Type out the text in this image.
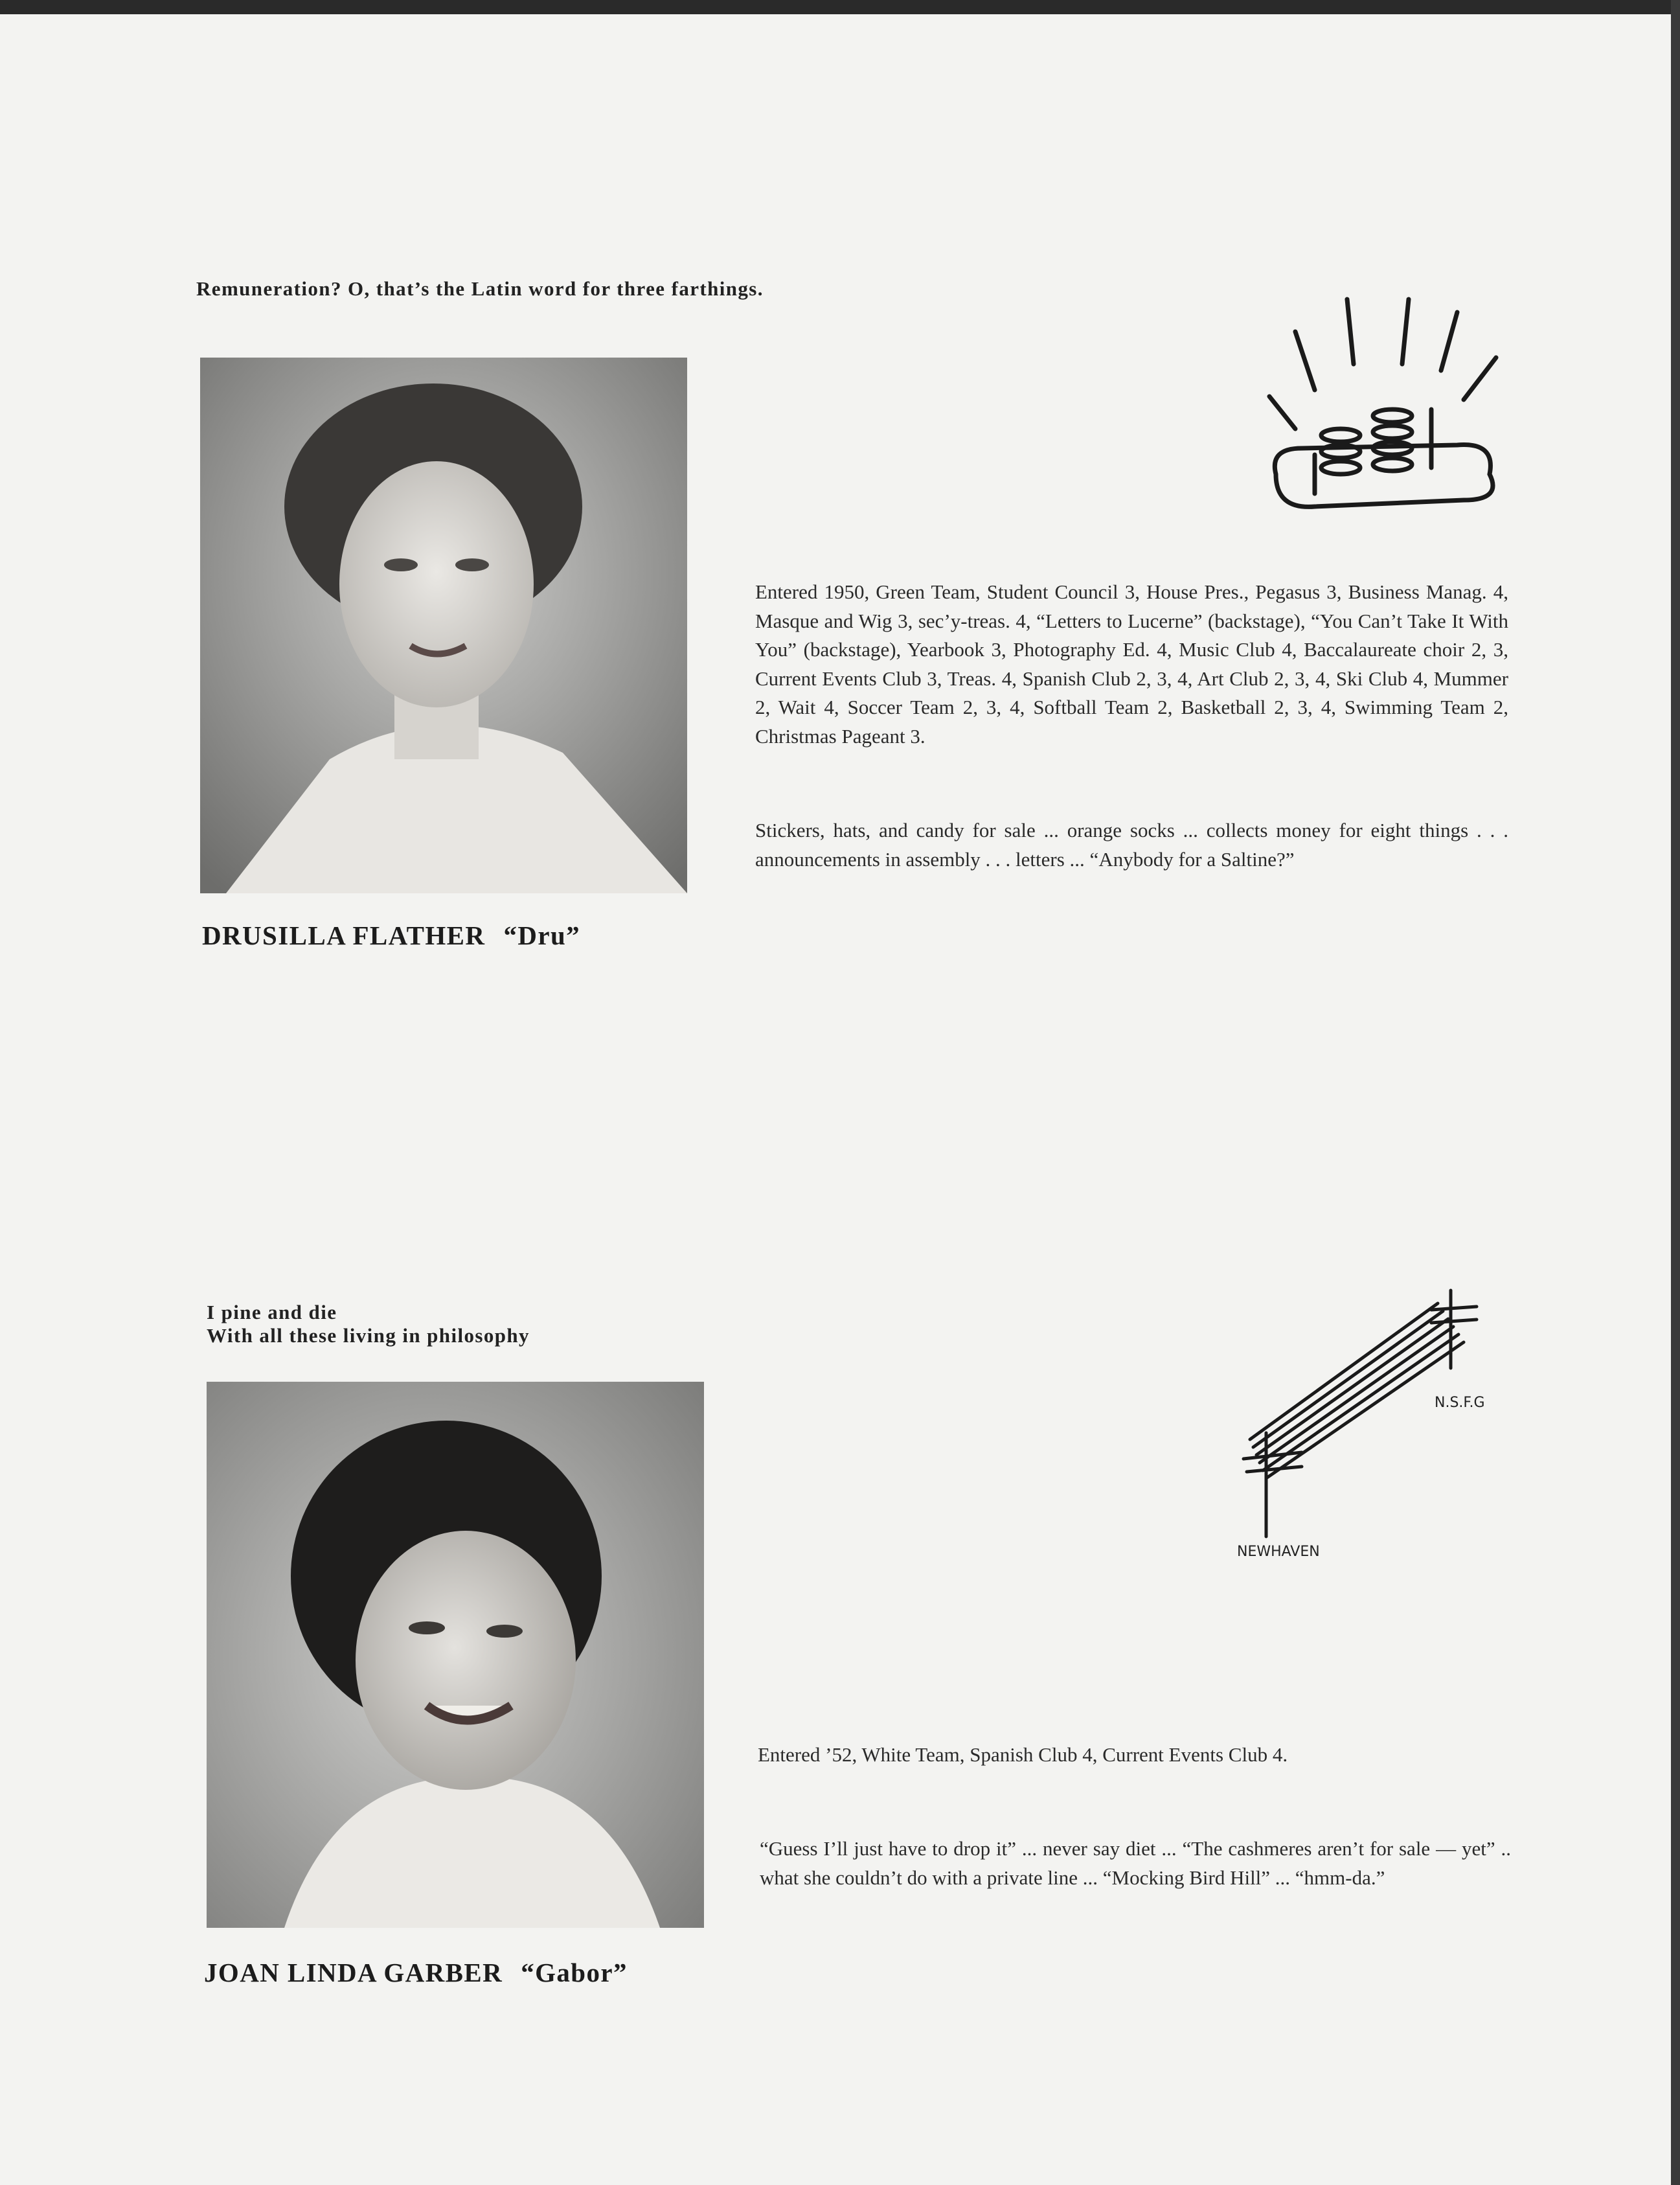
Remuneration? O, that’s the Latin word for three farthings.

Entered 1950, Green Team, Student Council 3, House Pres., Pegasus 3, Business Manag. 4, Masque and Wig 3, sec’y-treas. 4, “Letters to Lucerne” (backstage), “You Can’t Take It With You” (backstage), Yearbook 3, Photography Ed. 4, Music Club 4, Baccalaureate choir 2, 3, Current Events Club 3, Treas. 4, Spanish Club 2, 3, 4, Art Club 2, 3, 4, Ski Club 4, Mummer 2, Wait 4, Soccer Team 2, 3, 4, Softball Team 2, Basketball 2, 3, 4, Swimming Team 2, Christmas Pageant 3.

Stickers, hats, and candy for sale ... orange socks ... collects money for eight things . . . announcements in assembly . . . letters ... “Anybody for a Saltine?”

DRUSILLA FLATHER “Dru”
I pine and die
With all these living in philosophy
N.S.F.G
NEWHAVEN

Entered ’52, White Team, Spanish Club 4, Current Events Club 4.

“Guess I’ll just have to drop it” ... never say diet ... “The cashmeres aren’t for sale — yet” .. what she couldn’t do with a private line ... “Mocking Bird Hill” ... “hmm-da.”

JOAN LINDA GARBER “Gabor”
